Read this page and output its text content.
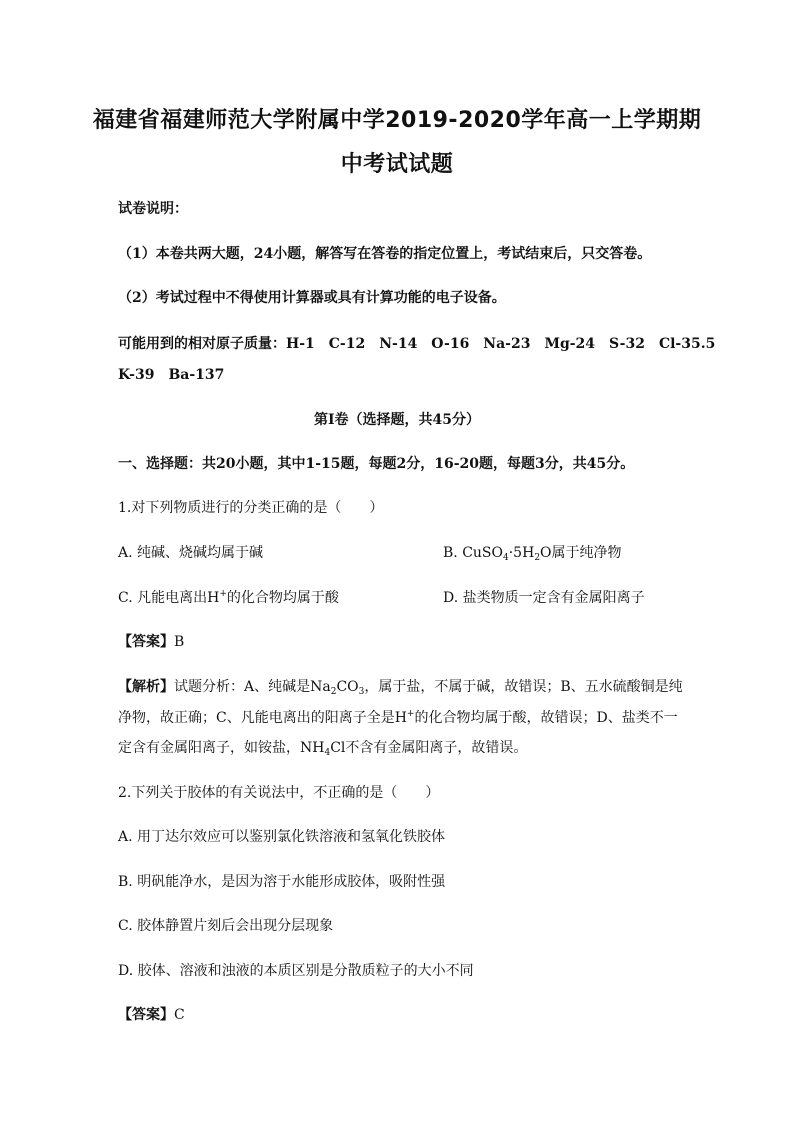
福建省福建师范大学附属中学2019-2020学年高一上学期期
中考试试题
试卷说明：
（1）本卷共两大题，24小题，解答写在答卷的指定位置上，考试结束后，只交答卷。
（2）考试过程中不得使用计算器或具有计算功能的电子设备。
可能用到的相对原子质量：H-1　C-12　N-14　O-16　Na-23　Mg-24　S-32　Cl-35.5
K-39　Ba-137
第Ⅰ卷（选择题，共45分）
一、选择题：共20小题，其中1-15题，每题2分，16-20题，每题3分，共45分。
1.对下列物质进行的分类正确的是（　　）
A. 纯碱、烧碱均属于碱	B. $CuSO_4\cdot 5H_2O$属于纯净物
C. 凡能电离出H+的化合物均属于酸	D. 盐类物质一定含有金属阳离子
【答案】B
【解析】试题分析：A、纯碱是$Na_2CO_3$，属于盐，不属于碱，故错误；B、五水硫酸铜是纯
净物，故正确；C、凡能电离出的阳离子全是H+的化合物均属于酸，故错误；D、盐类不一
定含有金属阳离子，如铵盐，$NH_4Cl$不含有金属阳离子，故错误。
2.下列关于胶体的有关说法中，不正确的是（　　）
A. 用丁达尔效应可以鉴别氯化铁溶液和氢氧化铁胶体
B. 明矾能净水，是因为溶于水能形成胶体，吸附性强
C. 胶体静置片刻后会出现分层现象
D. 胶体、溶液和浊液的本质区别是分散质粒子的大小不同
【答案】C
